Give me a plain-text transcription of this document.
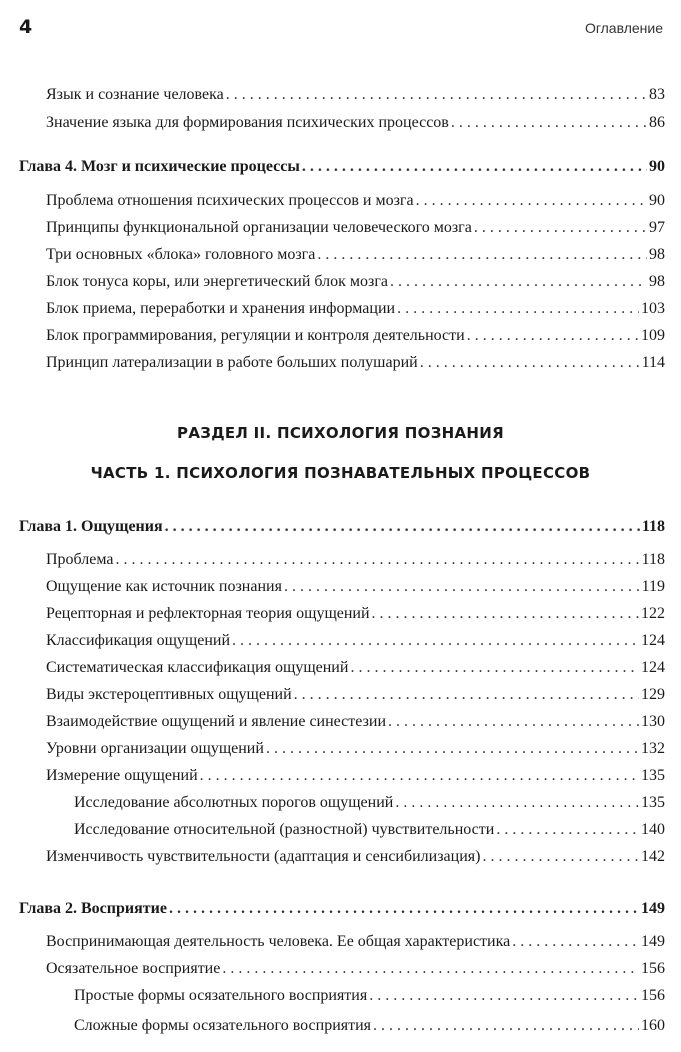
4	Оглавление
Язык и сознание человека . . .	83
Значение языка для формирования психических процессов . . .	86
Глава 4. Мозг и психические процессы . . .	90
Проблема отношения психических процессов и мозга . . .	90
Принципы функциональной организации человеческого мозга . . .	97
Три основных «блока» головного мозга . . .	98
Блок тонуса коры, или энергетический блок мозга . . .	98
Блок приема, переработки и хранения информации . . .	103
Блок программирования, регуляции и контроля деятельности . . .	109
Принцип латерализации в работе больших полушарий . . .	114
РАЗДЕЛ II. ПСИХОЛОГИЯ ПОЗНАНИЯ
ЧАСТЬ 1. ПСИХОЛОГИЯ ПОЗНАВАТЕЛЬНЫХ ПРОЦЕССОВ
Глава 1. Ощущения . . .	118
Проблема . . .	118
Ощущение как источник познания . . .	119
Рецепторная и рефлекторная теория ощущений . . .	122
Классификация ощущений . . .	124
Систематическая классификация ощущений . . .	124
Виды экстероцептивных ощущений . . .	129
Взаимодействие ощущений и явление синестезии . . .	130
Уровни организации ощущений . . .	132
Измерение ощущений . . .	135
Исследование абсолютных порогов ощущений . . .	135
Исследование относительной (разностной) чувствительности . . .	140
Изменчивость чувствительности (адаптация и сенсибилизация) . . .	142
Глава 2. Восприятие . . .	149
Воспринимающая деятельность человека. Ее общая характеристика . . .	149
Осязательное восприятие . . .	156
Простые формы осязательного восприятия . . .	156
Сложные формы осязательного восприятия . . .	160
